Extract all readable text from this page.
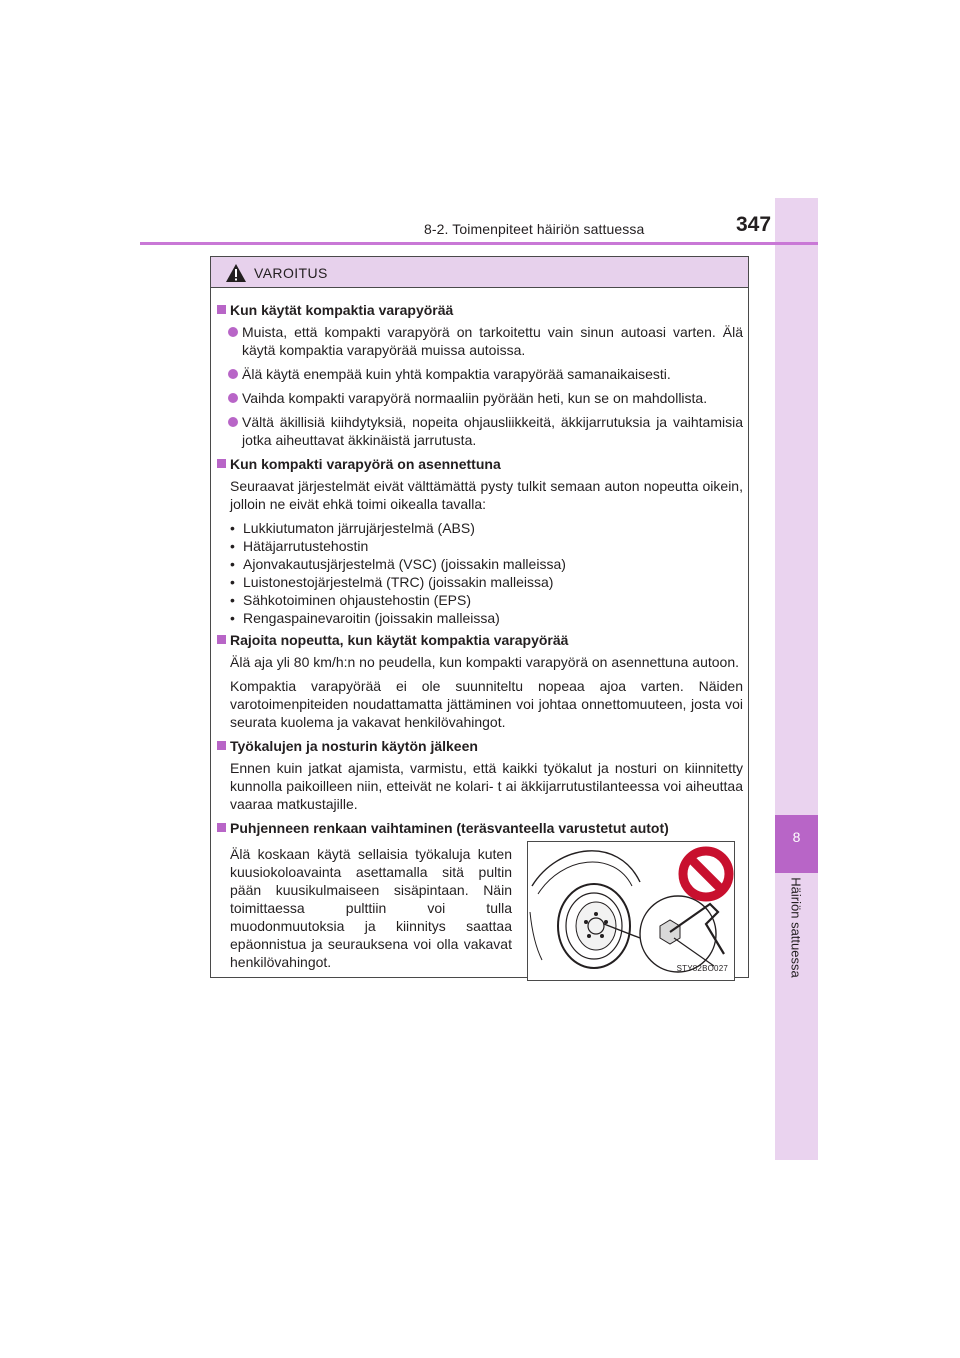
8
Häiriön sattuessa
8-2. Toimenpiteet häiriön sattuessa	347
VAROITUS
Kun käytät kompaktia varapyörää
Muista, että kompakti varapyörä on tarkoitettu vain sinun autoasi varten. Älä käytä kompaktia varapyörää muissa autoissa.
Älä käytä enempää kuin yhtä kompaktia varapyörää samanaikaisesti.
Vaihda kompakti varapyörä normaaliin pyörään heti, kun se on mahdollista.
Vältä äkillisiä kiihdytyksiä, nopeita ohjausliikkeitä, äkkijarrutuksia ja vaihtamisia jotka aiheuttavat äkkinäistä jarrutusta.
Kun kompakti varapyörä on asennettuna
Seuraavat järjestelmät eivät välttämättä pysty tulkit semaan auton nopeutta oikein, jolloin ne eivät ehkä toimi oikealla tavalla:
• Lukkiutumaton järrujärjestelmä (ABS)
• Hätäjarrutustehostin
• Ajonvakautusjärjestelmä (VSC) (joissakin malleissa)
• Luistonestojärjestelmä (TRC) (joissakin malleissa)
• Sähkotoiminen ohjaustehostin (EPS)
• Rengaspainevaroitin (joissakin malleissa)
Rajoita nopeutta, kun käytät kompaktia varapyörää
Älä aja yli 80 km/h:n no peudella, kun kompakti varapyörä on asennettuna autoon.
Kompaktia varapyörää ei ole suunniteltu nopeaa ajoa varten. Näiden varotoimenpiteiden noudattamatta jättäminen voi johtaa onnettomuuteen, josta voi seurata kuolema ja vakavat henkilövahingot.
Työkalujen ja nosturin käytön jälkeen
Ennen kuin jatkat ajamista, varmistu, että kaikki työkalut ja nosturi on kiinnitetty kunnolla paikoilleen niin, etteivät ne kolari- t ai äkkijarrutustilanteessa voi aiheuttaa vaaraa matkustajille.
Puhjenneen renkaan vaihtaminen (teräsvanteella varustetut autot)
Älä koskaan käytä sellaisia työkaluja kuten kuusiokoloavainta asettamalla sitä pultin pään kuusikulmaiseen sisäpintaan. Näin toimittaessa pulttiin voi tulla muodonmuutoksia ja kiinnitys saattaa epäonnistua ja seurauksena voi olla vakavat henkilövahingot.	STY82BO027
